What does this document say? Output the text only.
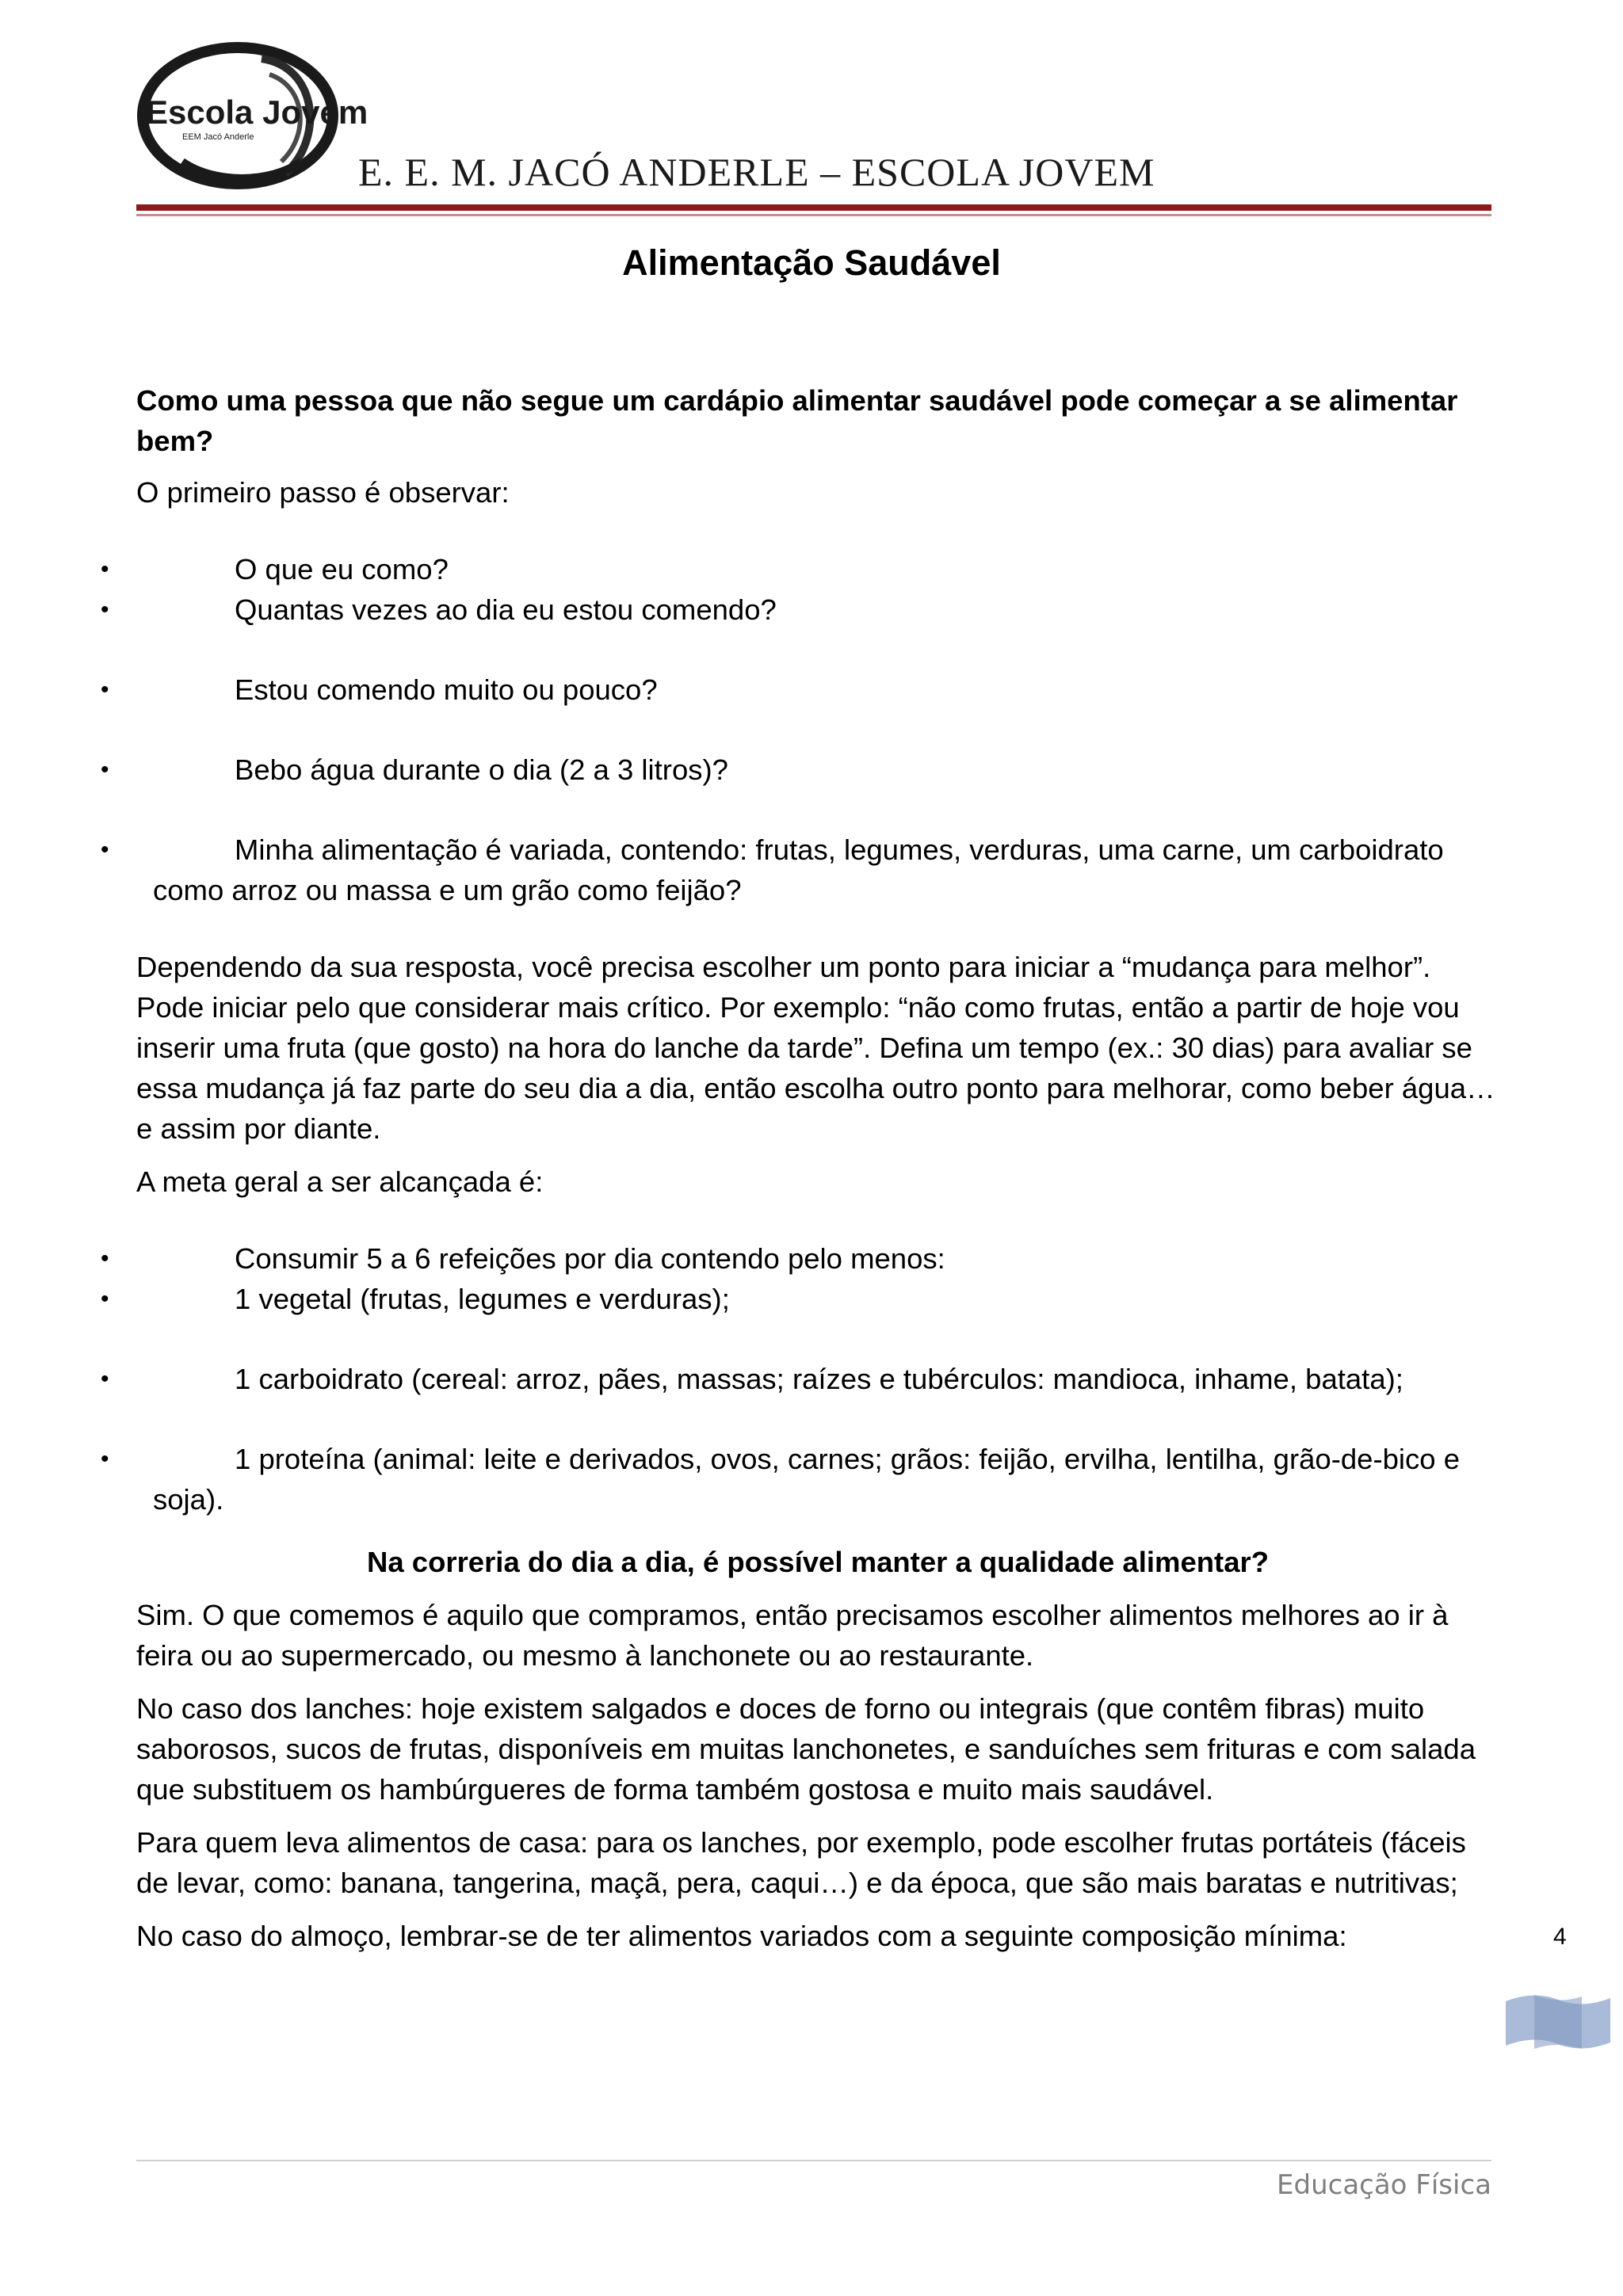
Escola Jovem
EEM Jacó Anderle
E. E. M. JACÓ ANDERLE – ESCOLA JOVEM
Alimentação Saudável

Como uma pessoa que não segue um cardápio alimentar saudável pode começar a se alimentar bem?

O primeiro passo é observar:

• O que eu como?
• Quantas vezes ao dia eu estou comendo?
• Estou comendo muito ou pouco?
• Bebo água durante o dia (2 a 3 litros)?
• Minha alimentação é variada, contendo: frutas, legumes, verduras, uma carne, um carboidrato como arroz ou massa e um grão como feijão?

Dependendo da sua resposta, você precisa escolher um ponto para iniciar a “mudança para melhor”. Pode iniciar pelo que considerar mais crítico. Por exemplo: “não como frutas, então a partir de hoje vou inserir uma fruta (que gosto) na hora do lanche da tarde”. Defina um tempo (ex.: 30 dias) para avaliar se essa mudança já faz parte do seu dia a dia, então escolha outro ponto para melhorar, como beber água… e assim por diante.

A meta geral a ser alcançada é:

• Consumir 5 a 6 refeições por dia contendo pelo menos:
• 1 vegetal (frutas, legumes e verduras);
• 1 carboidrato (cereal: arroz, pães, massas; raízes e tubérculos: mandioca, inhame, batata);
• 1 proteína (animal: leite e derivados, ovos, carnes; grãos: feijão, ervilha, lentilha, grão-de-bico e soja).

Na correria do dia a dia, é possível manter a qualidade alimentar?

Sim. O que comemos é aquilo que compramos, então precisamos escolher alimentos melhores ao ir à feira ou ao supermercado, ou mesmo à lanchonete ou ao restaurante.

No caso dos lanches: hoje existem salgados e doces de forno ou integrais (que contêm fibras) muito saborosos, sucos de frutas, disponíveis em muitas lanchonetes, e sanduíches sem frituras e com salada que substituem os hambúrgueres de forma também gostosa e muito mais saudável.

Para quem leva alimentos de casa: para os lanches, por exemplo, pode escolher frutas portáteis (fáceis de levar, como: banana, tangerina, maçã, pera, caqui…) e da época, que são mais baratas e nutritivas;

No caso do almoço, lembrar-se de ter alimentos variados com a seguinte composição mínima:	4
Educação Física
